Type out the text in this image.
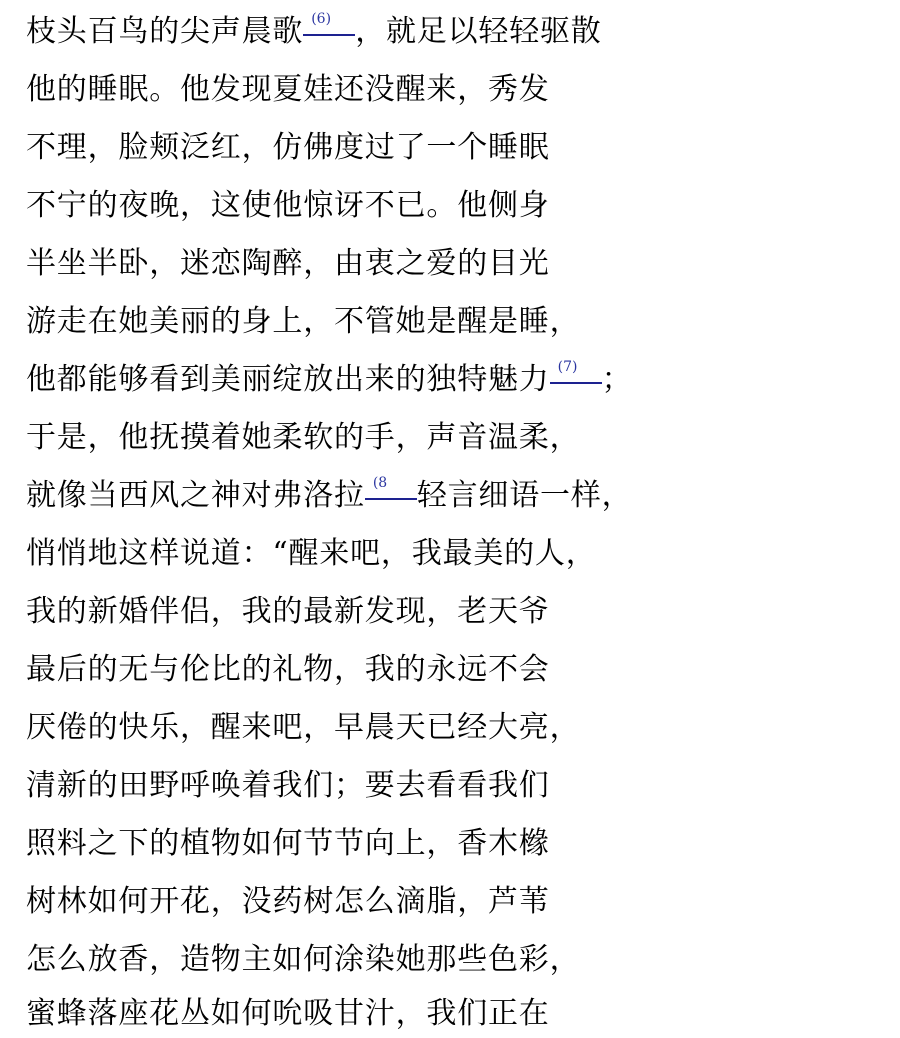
枝头百鸟的尖声晨歌 (6) ，就足以轻轻驱散
他的睡眠。他发现夏娃还没醒来，秀发
不理，脸颊泛红，仿佛度过了一个睡眠
不宁的夜晚，这使他惊讶不已。他侧身
半坐半卧，迷恋陶醉，由衷之爱的目光
游走在她美丽的身上，不管她是醒是睡，
他都能够看到美丽绽放出来的独特魅力 (7) ；
于是，他抚摸着她柔软的手，声音温柔，
就像当西风之神对弗洛拉 (8 轻言细语一样，
悄悄地这样说道：“醒来吧，我最美的人，
我的新婚伴侣，我的最新发现，老天爷
最后的无与伦比的礼物，我的永远不会
厌倦的快乐，醒来吧，早晨天已经大亮，
清新的田野呼唤着我们；要去看看我们
照料之下的植物如何节节向上，香木橼
树林如何开花，没药树怎么滴脂，芦苇
怎么放香，造物主如何涂染她那些色彩，
蜜蜂落座花丛如何吮吸甘汁，我们正在
